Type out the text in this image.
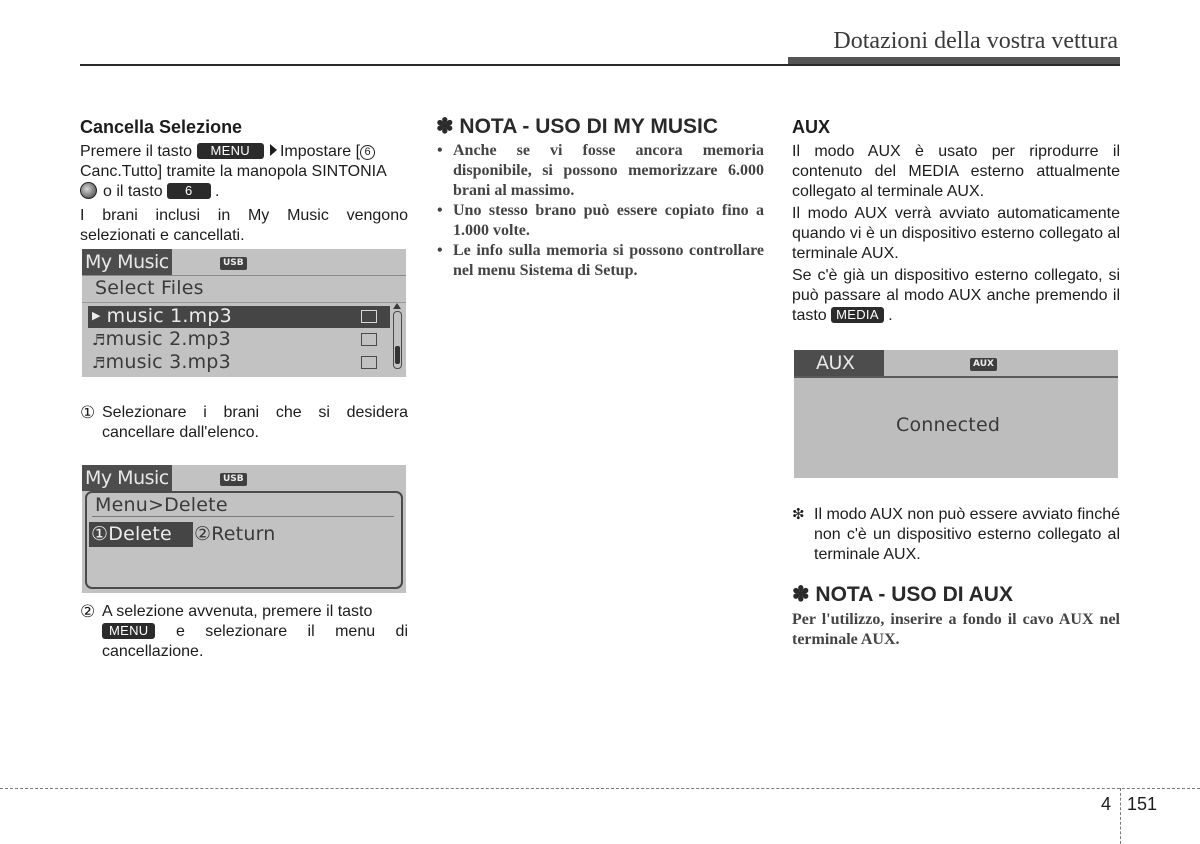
Dotazioni della vostra vettura
Cancella Selezione
Premere il tasto MENU Impostare [ 6
Canc.Tutto] tramite la manopola SINTONIA
o il tasto 6 .
I brani inclusi in My Music vengono selezionati e cancellati.
My Music	USB
Select Files
▶ music 1.mp3
♬music 2.mp3
♬music 3.mp3
① Selezionare i brani che si desidera cancellare dall'elenco.
My Music	USB
Menu>Delete
①Delete ②Return
② A selezione avvenuta, premere il tasto
MENU e selezionare il menu di cancellazione.
✽ NOTA - USO DI MY MUSIC
• Anche se vi fosse ancora memoria disponibile, si possono memorizzare 6.000 brani al massimo.
• Uno stesso brano può essere copiato fino a 1.000 volte.
• Le info sulla memoria si possono controllare nel menu Sistema di Setup.
AUX
Il modo AUX è usato per riprodurre il contenuto del MEDIA esterno attualmente collegato al terminale AUX.
Il modo AUX verrà avviato automaticamente quando vi è un dispositivo esterno collegato al terminale AUX.
Se c'è già un dispositivo esterno collegato, si può passare al modo AUX anche premendo il tasto MEDIA .
AUX	AUX
Connected
❇ Il modo AUX non può essere avviato finché non c'è un dispositivo esterno collegato al terminale AUX.
✽ NOTA - USO DI AUX
Per l'utilizzo, inserire a fondo il cavo AUX nel terminale AUX.
4 151
